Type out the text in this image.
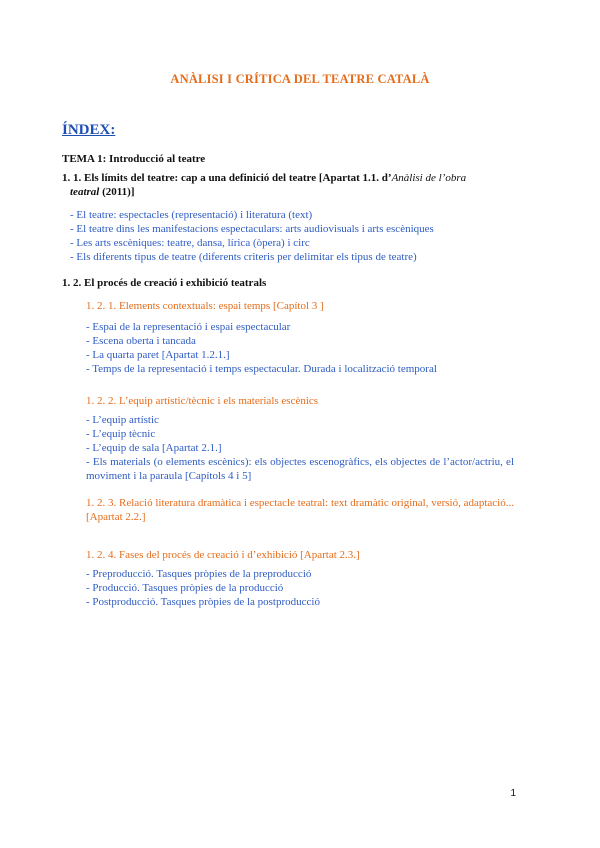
ANÀLISI I CRÍTICA DEL TEATRE CATALÀ
ÍNDEX:
TEMA 1: Introducció al teatre
1. 1. Els límits del teatre: cap a una definició del teatre [Apartat 1.1. d’Anàlisi de l’obra
teatral (2011)]
- El teatre: espectacles (representació) i literatura (text)
- El teatre dins les manifestacions espectaculars: arts audiovisuals i arts escèniques
- Les arts escèniques: teatre, dansa, lírica (òpera) i circ
- Els diferents tipus de teatre (diferents criteris per delimitar els tipus de teatre)
1. 2. El procés de creació i exhibició teatrals
1. 2. 1. Elements contextuals: espai temps [Capítol 3 ]
- Espai de la representació i espai espectacular
- Escena oberta i tancada
- La quarta paret [Apartat 1.2.1.]
- Temps de la representació i temps espectacular. Durada i localització temporal
1. 2. 2. L’equip artístic/tècnic i els materials escènics
- L’equip artístic
- L’equip tècnic
- L’equip de sala [Apartat 2.1.]
- Els materials (o elements escènics): els objectes escenogràfics, els objectes de l’actor/actriu, el moviment i la paraula [Capítols 4 i 5]
1. 2. 3. Relació literatura dramàtica i espectacle teatral: text dramàtic original, versió, adaptació... [Apartat 2.2.]
1. 2. 4. Fases del procés de creació i d’exhibició [Apartat 2.3.]
- Preproducció. Tasques pròpies de la preproducció
- Producció. Tasques pròpies de la producció
- Postproducció. Tasques pròpies de la postproducció
1
